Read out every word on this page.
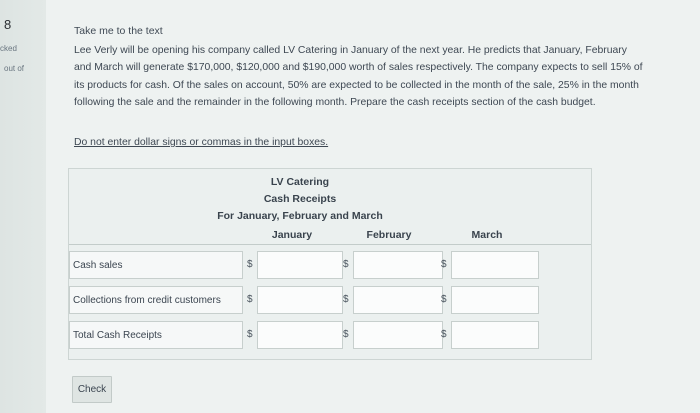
8
cked
out of
Take me to the text
Lee Verly will be opening his company called LV Catering in January of the next year. He predicts that January, February and March will generate $170,000, $120,000 and $190,000 worth of sales respectively. The company expects to sell 15% of its products for cash. Of the sales on account, 50% are expected to be collected in the month of the sale, 25% in the month following the sale and the remainder in the following month. Prepare the cash receipts section of the cash budget.
Do not enter dollar signs or commas in the input boxes.
LV Catering
Cash Receipts
For January, February and March
January	February	March
Cash sales	$	$	$
Collections from credit customers	$	$	$
Total Cash Receipts	$	$	$
Check
